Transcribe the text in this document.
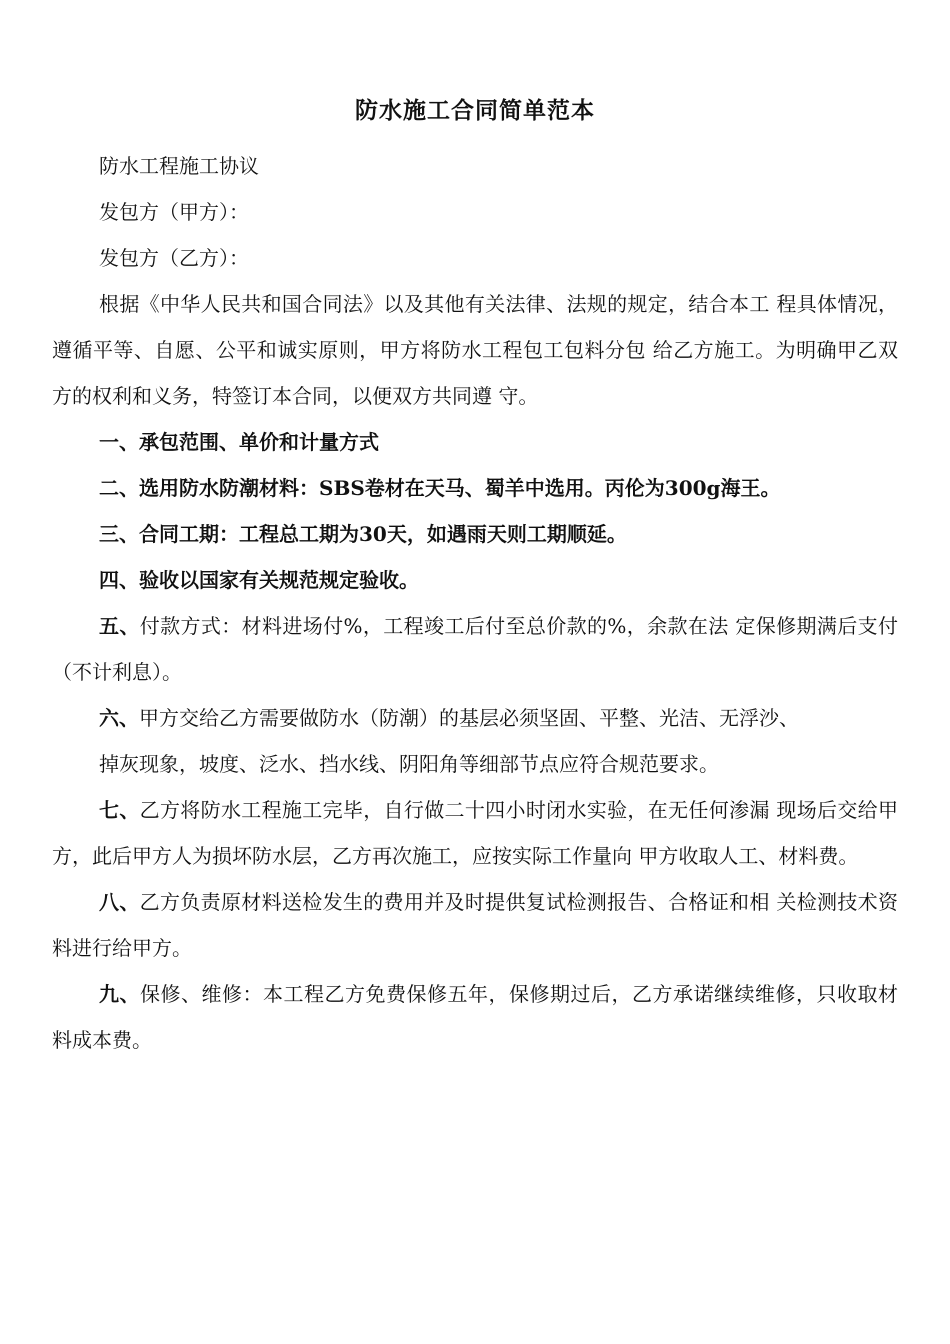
防水施工合同简单范本

防水工程施工协议

发包方（甲方）：

发包方（乙方）：

根据《中华人民共和国合同法》以及其他有关法律、法规的规定，结合本工 程具体情况，遵循平等、自愿、公平和诚实原则，甲方将防水工程包工包料分包 给乙方施工。为明确甲乙双方的权利和义务，特签订本合同，以便双方共同遵 守。

一、承包范围、单价和计量方式

二、选用防水防潮材料：SBS卷材在天马、蜀羊中选用。丙伦为300g海王。

三、合同工期：工程总工期为30天，如遇雨天则工期顺延。

四、验收以国家有关规范规定验收。

五、付款方式：材料进场付%，工程竣工后付至总价款的%，余款在法 定保修期满后支付（不计利息）。

六、甲方交给乙方需要做防水（防潮）的基层必须坚固、平整、光洁、无浮沙、

掉灰现象，坡度、泛水、挡水线、阴阳角等细部节点应符合规范要求。

七、乙方将防水工程施工完毕，自行做二十四小时闭水实验，在无任何渗漏 现场后交给甲方，此后甲方人为损坏防水层，乙方再次施工，应按实际工作量向 甲方收取人工、材料费。

八、乙方负责原材料送检发生的费用并及时提供复试检测报告、合格证和相 关检测技术资料进行给甲方。

九、保修、维修：本工程乙方免费保修五年，保修期过后，乙方承诺继续维修，只收取材料成本费。
